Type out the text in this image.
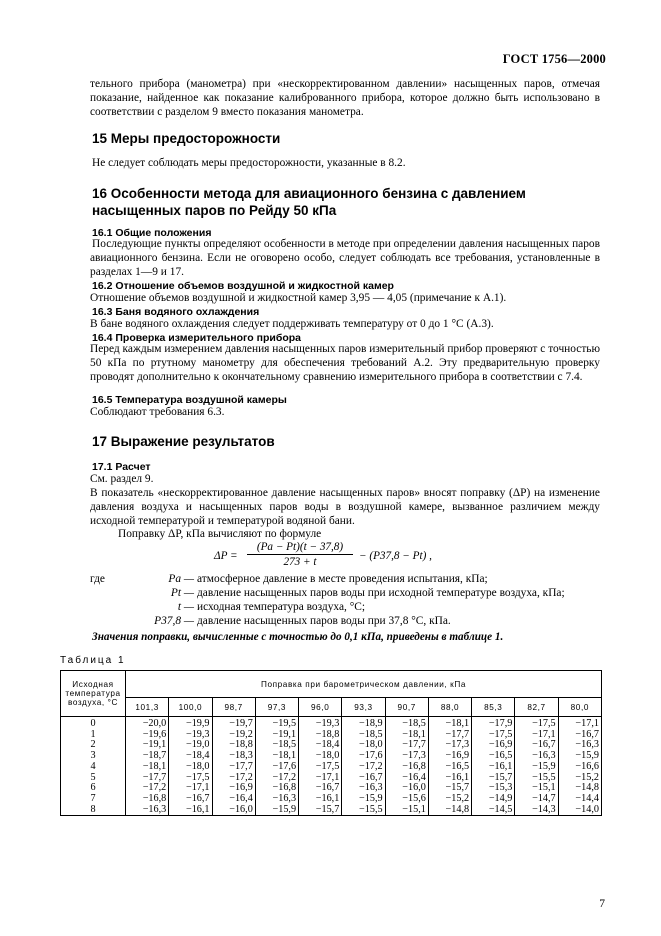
ГОСТ 1756—2000
тельного прибора (манометра) при «нескорректированном давлении» насыщенных паров, отмечая показание, найденное как показание калиброванного прибора, которое должно быть использовано в соответствии с разделом 9 вместо показания манометра.
15 Меры предосторожности
Не следует соблюдать меры предосторожности, указанные в 8.2.
16 Особенности метода для авиационного бензина с давлением насыщенных паров по Рейду 50 кПа
16.1 Общие положения
Последующие пункты определяют особенности в методе при определении давления насыщенных паров авиационного бензина. Если не оговорено особо, следует соблюдать все требования, установленные в разделах 1—9 и 17.
16.2 Отношение объемов воздушной и жидкостной камер
Отношение объемов воздушной и жидкостной камер 3,95 — 4,05 (примечание к А.1).
16.3 Баня водяного охлаждения
В бане водяного охлаждения следует поддерживать температуру от 0 до 1 °С (А.3).
16.4 Проверка измерительного прибора
Перед каждым измерением давления насыщенных паров измерительный прибор проверяют с точностью 50 кПа по ртутному манометру для обеспечения требований А.2. Эту предварительную проверку проводят дополнительно к окончательному сравнению измерительного прибора в соответствии с 7.4.
16.5 Температура воздушной камеры
Соблюдают требования 6.3.
17 Выражение результатов
17.1 Расчет
См. раздел 9.
В показатель «нескорректированное давление насыщенных паров» вносят поправку (ΔP) на изменение давления воздуха и насыщенных паров воды в воздушной камере, вызванное различием между исходной температурой и температурой водяной бани.
Поправку ΔP, кПа вычисляют по формуле
$\Delta P = \frac{(Pa - Pt)(t - 37,8)}{273 + t} - (P37,8 - Pt)$ ,
где	Pa — атмосферное давление в месте проведения испытания, кПа;
Pt — давление насыщенных паров воды при исходной температуре воздуха, кПа;
t — исходная температура воздуха, °С;
P37,8 — давление насыщенных паров воды при 37,8 °С, кПа.
Значения поправки, вычисленные с точностью до 0,1 кПа, приведены в таблице 1.
Таблица 1
Исходная температура воздуха, °С	Поправка при барометрическом давлении, кПа										
	101,3	100,0	98,7	97,3	96,0	93,3	90,7	88,0	85,3	82,7	80,0
0	−20,0	−19,9	−19,7	−19,5	−19,3	−18,9	−18,5	−18,1	−17,9	−17,5	−17,1
1	−19,6	−19,3	−19,2	−19,1	−18,8	−18,5	−18,1	−17,7	−17,5	−17,1	−16,7
2	−19,1	−19,0	−18,8	−18,5	−18,4	−18,0	−17,7	−17,3	−16,9	−16,7	−16,3
3	−18,7	−18,4	−18,3	−18,1	−18,0	−17,6	−17,3	−16,9	−16,5	−16,3	−15,9
4	−18,1	−18,0	−17,7	−17,6	−17,5	−17,2	−16,8	−16,5	−16,1	−15,9	−16,6
5	−17,7	−17,5	−17,2	−17,2	−17,1	−16,7	−16,4	−16,1	−15,7	−15,5	−15,2
6	−17,2	−17,1	−16,9	−16,8	−16,7	−16,3	−16,0	−15,7	−15,3	−15,1	−14,8
7	−16,8	−16,7	−16,4	−16,3	−16,1	−15,9	−15,6	−15,2	−14,9	−14,7	−14,4
8	−16,3	−16,1	−16,0	−15,9	−15,7	−15,5	−15,1	−14,8	−14,5	−14,3	−14,0
7
